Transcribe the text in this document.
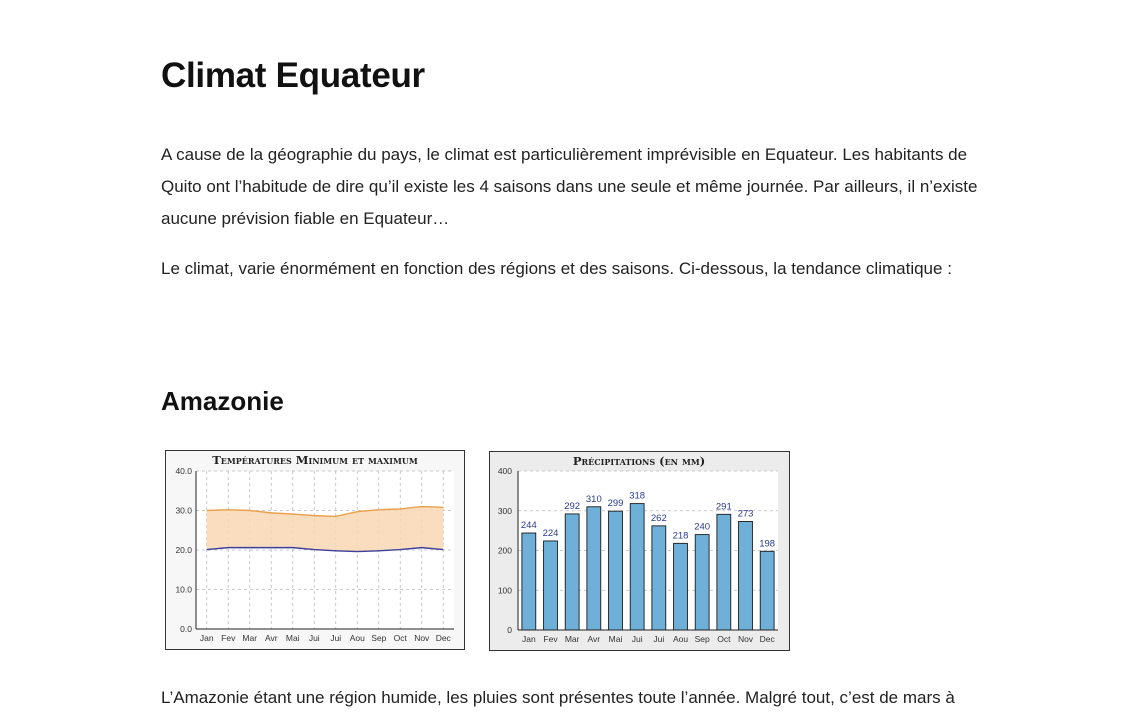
Climat Equateur

A cause de la géographie du pays, le climat est particulièrement imprévisible en Equateur. Les habitants de Quito ont l’habitude de dire qu’il existe les 4 saisons dans une seule et même journée. Par ailleurs, il n’existe aucune prévision fiable en Equateur…

Le climat, varie énormément en fonction des régions et des saisons. Ci-dessous, la tendance climatique :

Amazonie
Températures Minimum et maximum
0.0
10.0
20.0
30.0
40.0
Jan Fev Mar Avr Mai Jui Jui Aou Sep Oct Nov Dec
Précipitations (en mm)
0
100
200
300
400
244
Jan
224
Fev
292
Mar
310
Avr
299
Mai
318
Jui
262
Jui
218
Aou
240
Sep
291
Oct
273
Nov
198
Dec

L’Amazonie étant une région humide, les pluies sont présentes toute l’année. Malgré tout, c’est de mars à
